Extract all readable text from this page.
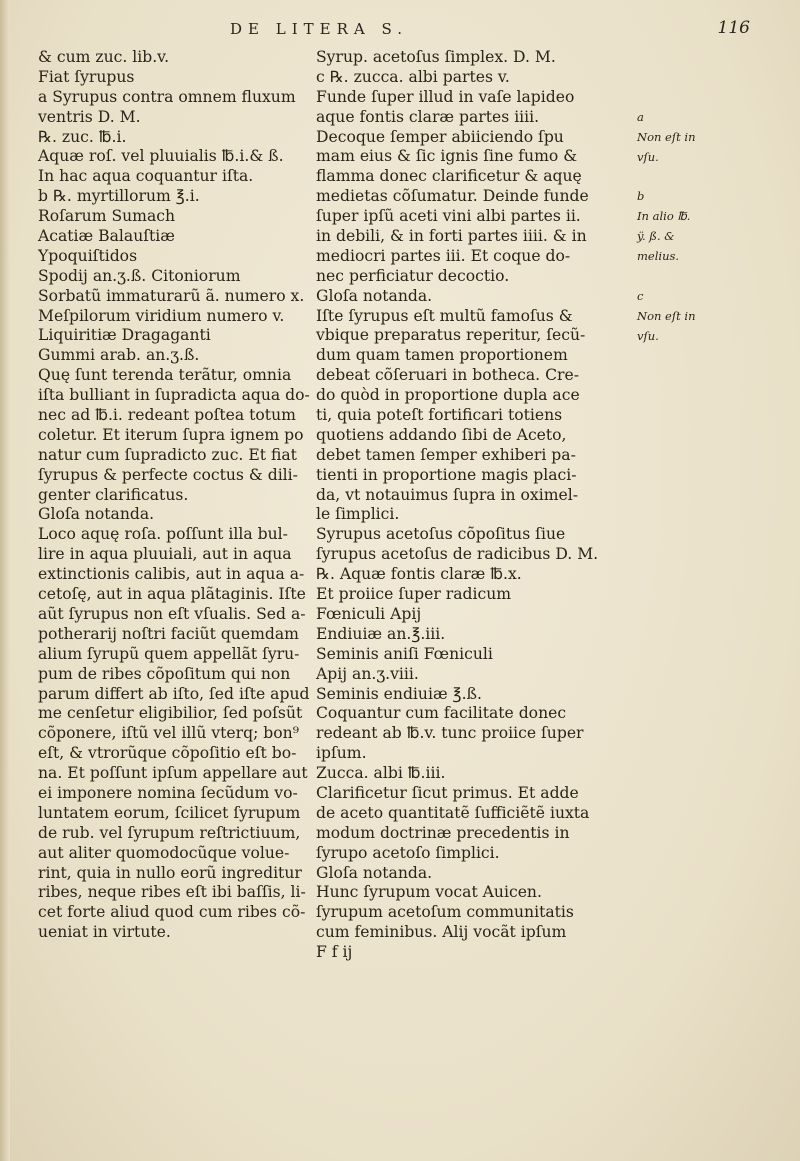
DE LITERA S.	116
& cum zuc. lib.v.
Fiat ſyrupus
a Syrupus contra omnem fluxum
ventris D. M.
℞. zuc. ℔.i.
Aquæ roſ. vel pluuialis ℔.i.& ß.
In hac aqua coquantur iſta.
b ℞. myrtillorum ℥.i.
Roſarum Sumach
Acatiæ Balauſtiæ
Ypoquiſtidos
Spodij an.ʒ.ß. Citoniorum
Sorbatũ immaturarũ ã. numero x.
Meſpilorum viridium numero v.
Liquiritiæ Dragaganti
Gummi arab. an.ʒ.ß.
Quę ſunt terenda terãtur, omnia
iſta bulliant in ſupradicta aqua do-
nec ad ℔.i. redeant poſtea totum
coletur. Et iterum ſupra ignem po
natur cum ſupradicto zuc. Et fiat
ſyrupus & perfecte coctus & dili-
genter clarificatus.
Gloſa notanda.
Loco aquę roſa. poſſunt illa bul-
lire in aqua pluuiali, aut in aqua
extinctionis calibis, aut in aqua a-
cetoſę, aut in aqua plãtaginis. Iſte
aũt ſyrupus non eſt vſualis. Sed a-
potherarij noſtri faciũt quemdam
alium ſyrupũ quem appellãt ſyru-
pum de ribes cõpoſitum qui non
parum differt ab iſto, ſed iſte apud
me cenſetur eligibilior, ſed poſsũt
cõponere, iſtũ vel illũ vterq; bon⁹
eſt, & vtrorũque cõpoſitio eſt bo-
na. Et poſſunt ipſum appellare aut
ei imponere nomina ſecũdum vo-
luntatem eorum, ſcilicet ſyrupum
de rub. vel ſyrupum reſtrictiuum,
aut aliter quomodocũque volue-
rint, quia in nullo eorũ ingreditur
ribes, neque ribes eſt ibi baſſis, li-
cet forte aliud quod cum ribes cõ-
ueniat in virtute.
Syrup. acetoſus ſimplex. D. M.
c ℞. zucca. albi partes v.
Funde ſuper illud in vaſe lapideo
aque fontis claræ partes iiii.
Decoque ſemper abiiciendo ſpu
mam eius & ſic ignis ſine fumo &
flamma donec clarificetur & aquę
medietas cõſumatur. Deinde funde
ſuper ipſũ aceti vini albi partes ii.
in debili, & in forti partes iiii. & in
mediocri partes iii. Et coque do-
nec perficiatur decoctio.
Gloſa notanda.
Iſte ſyrupus eſt multũ famoſus &
vbique preparatus reperitur, ſecũ-
dum quam tamen proportionem
debeat cõſeruari in botheca. Cre-
do quòd in proportione dupla ace
ti, quia poteſt fortificari totiens
quotiens addando ſibi de Aceto,
debet tamen ſemper exhiberi pa-
tienti in proportione magis placi-
da, vt notauimus ſupra in oximel-
le ſimplici.
Syrupus acetoſus cõpoſitus ſiue
ſyrupus acetoſus de radicibus D. M.
℞. Aquæ fontis claræ ℔.x.
Et proiice ſuper radicum
Fœniculi Apij
Endiuiæ an.℥.iii.
Seminis aniſi Fœniculi
Apij an.ʒ.viii.
Seminis endiuiæ ℥.ß.
Coquantur cum facilitate donec
redeant ab ℔.v. tunc proiice ſuper
ipſum.
Zucca. albi ℔.iii.
Clarificetur ſicut primus. Et adde
de aceto quantitatẽ ſufficiẽtẽ iuxta
modum doctrinæ precedentis in
ſyrupo acetoſo ſimplici.
Gloſa notanda.
Hunc ſyrupum vocat Auicen.
ſyrupum acetoſum communitatis
cum feminibus. Alij vocãt ipſum
F f ij
a
Non eſt in
vſu.
b
In alio ℔.
ÿ. ß. &
melius.
c
Non eſt in
vſu.
